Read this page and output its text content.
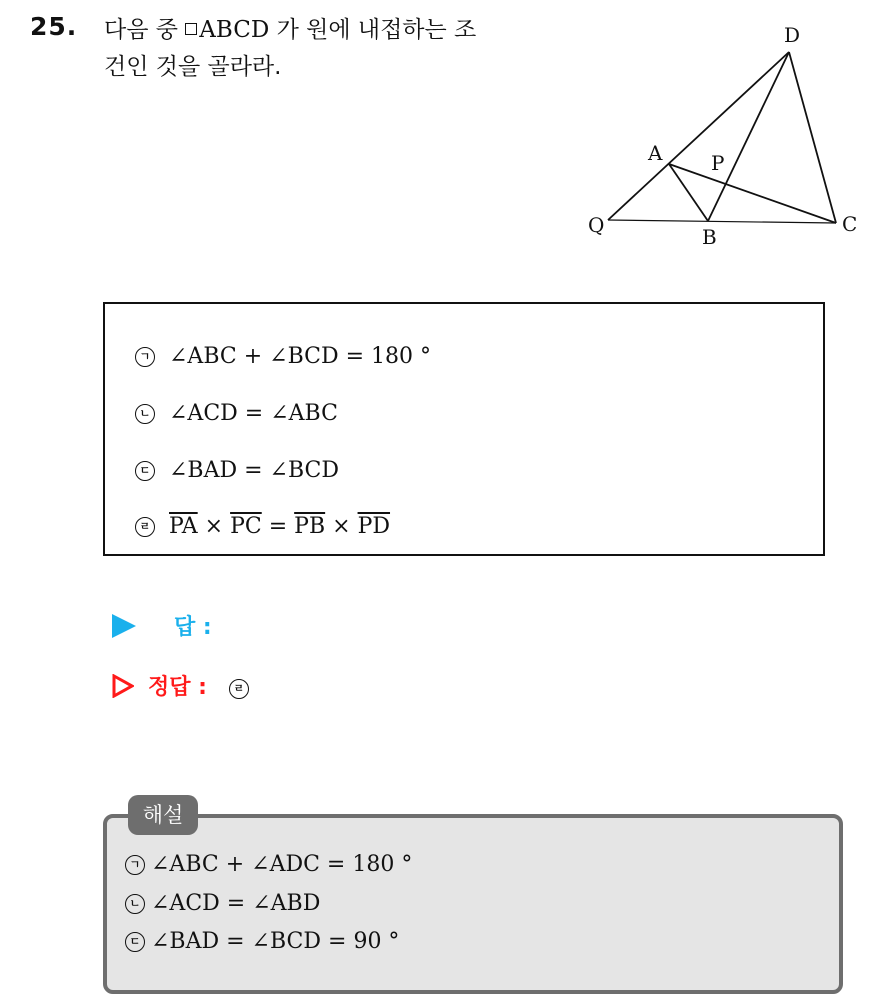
25. 다음 중 ABCD 가 원에 내접하는 조
건인 것을 골라라.
D
A P
Q	B
C
ㄱ ∠ABC + ∠BCD = 180 °
ㄴ ∠ACD = ∠ABC
ㄷ ∠BAD = ∠BCD
ㄹ $\overline{PA} \times \overline{PC} = \overline{PB} \times \overline{PD}$
답 :
정답 :	ㄹ
해설
ㄱ ∠ABC + ∠ADC = 180 °
ㄴ ∠ACD = ∠ABD
ㄷ ∠BAD = ∠BCD = 90 °
